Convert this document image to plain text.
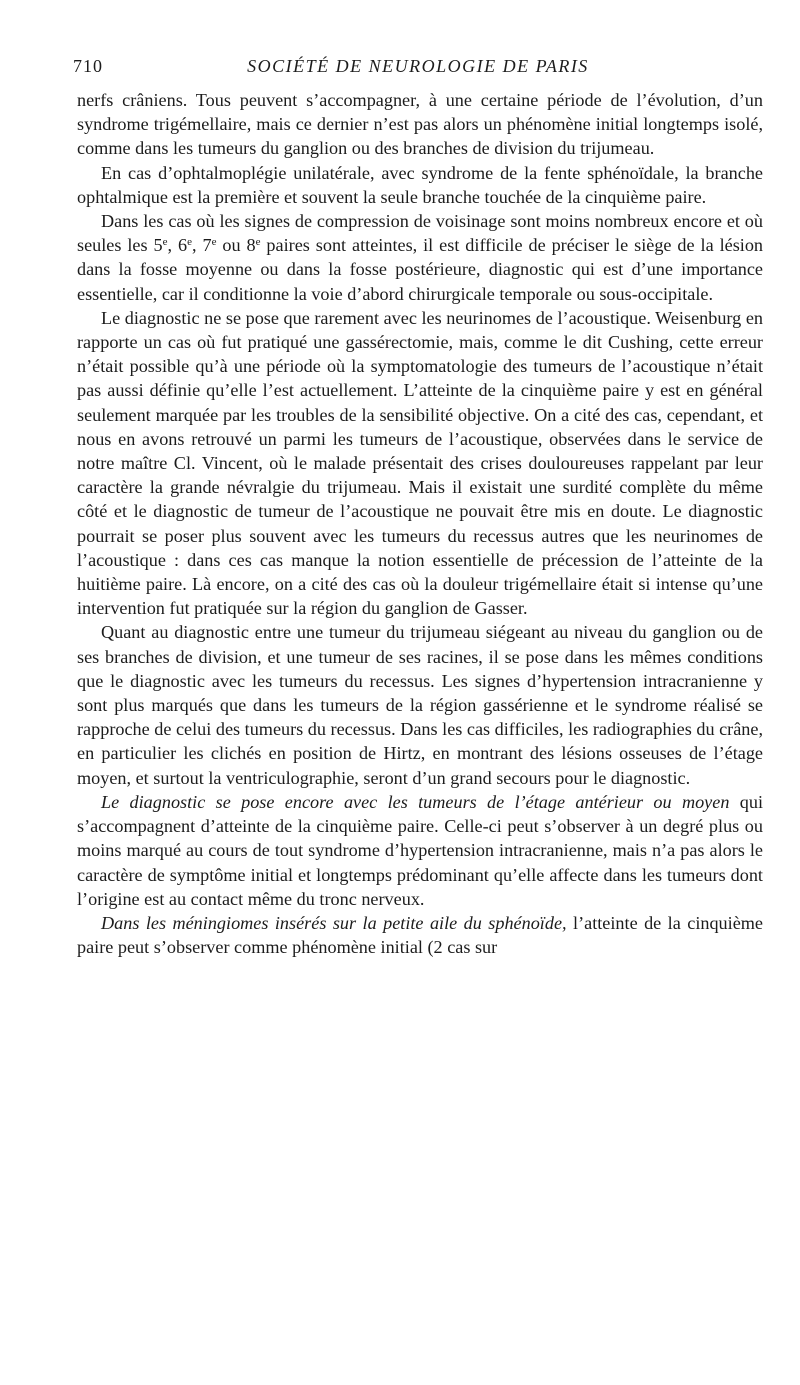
710	SOCIÉTÉ DE NEUROLOGIE DE PARIS

nerfs crâniens. Tous peuvent s’accompagner, à une certaine période de l’évolution, d’un syndrome trigémellaire, mais ce dernier n’est pas alors un phénomène initial longtemps isolé, comme dans les tumeurs du ganglion ou des branches de division du trijumeau.

En cas d’ophtalmoplégie unilatérale, avec syndrome de la fente sphénoïdale, la branche ophtalmique est la première et souvent la seule branche touchée de la cinquième paire.

Dans les cas où les signes de compression de voisinage sont moins nombreux encore et où seules les 5e, 6e, 7e ou 8e paires sont atteintes, il est difficile de préciser le siège de la lésion dans la fosse moyenne ou dans la fosse postérieure, diagnostic qui est d’une importance essentielle, car il conditionne la voie d’abord chirurgicale temporale ou sous-occipitale.

Le diagnostic ne se pose que rarement avec les neurinomes de l’acoustique. Weisenburg en rapporte un cas où fut pratiqué une gassérectomie, mais, comme le dit Cushing, cette erreur n’était possible qu’à une période où la symptomatologie des tumeurs de l’acoustique n’était pas aussi définie qu’elle l’est actuellement. L’atteinte de la cinquième paire y est en général seulement marquée par les troubles de la sensibilité objective. On a cité des cas, cependant, et nous en avons retrouvé un parmi les tumeurs de l’acoustique, observées dans le service de notre maître Cl. Vincent, où le malade présentait des crises douloureuses rappelant par leur caractère la grande névralgie du trijumeau. Mais il existait une surdité complète du même côté et le diagnostic de tumeur de l’acoustique ne pouvait être mis en doute. Le diagnostic pourrait se poser plus souvent avec les tumeurs du recessus autres que les neurinomes de l’acoustique : dans ces cas manque la notion essentielle de précession de l’atteinte de la huitième paire. Là encore, on a cité des cas où la douleur trigémellaire était si intense qu’une intervention fut pratiquée sur la région du ganglion de Gasser.

Quant au diagnostic entre une tumeur du trijumeau siégeant au niveau du ganglion ou de ses branches de division, et une tumeur de ses racines, il se pose dans les mêmes conditions que le diagnostic avec les tumeurs du recessus. Les signes d’hypertension intracranienne y sont plus marqués que dans les tumeurs de la région gassérienne et le syndrome réalisé se rapproche de celui des tumeurs du recessus. Dans les cas difficiles, les radiographies du crâne, en particulier les clichés en position de Hirtz, en montrant des lésions osseuses de l’étage moyen, et surtout la ventriculographie, seront d’un grand secours pour le diagnostic.

Le diagnostic se pose encore avec les tumeurs de l’étage antérieur ou moyen qui s’accompagnent d’atteinte de la cinquième paire. Celle-ci peut s’observer à un degré plus ou moins marqué au cours de tout syndrome d’hypertension intracranienne, mais n’a pas alors le caractère de symptôme initial et longtemps prédominant qu’elle affecte dans les tumeurs dont l’origine est au contact même du tronc nerveux.

Dans les méningiomes insérés sur la petite aile du sphénoïde, l’atteinte de la cinquième paire peut s’observer comme phénomène initial (2 cas sur
